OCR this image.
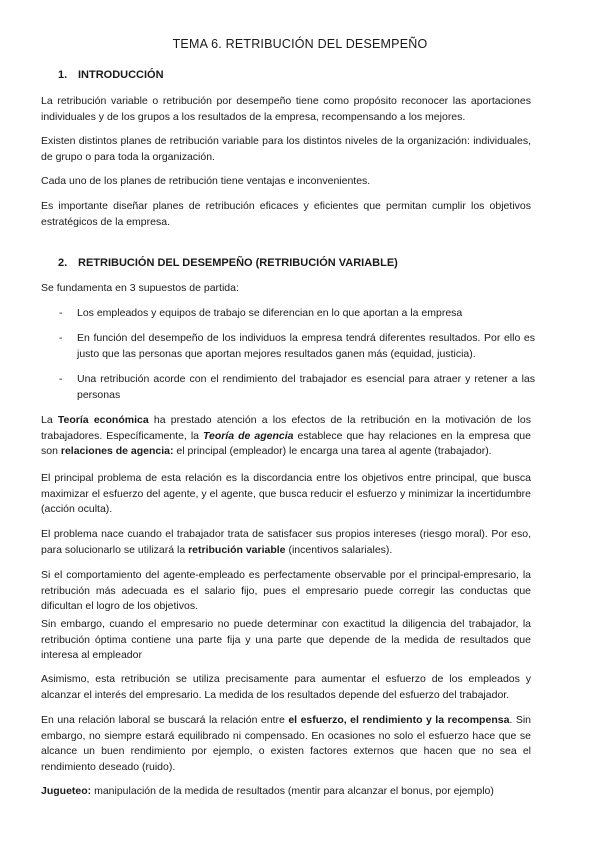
TEMA 6. RETRIBUCIÓN DEL DESEMPEÑO
1. INTRODUCCIÓN
La retribución variable o retribución por desempeño tiene como propósito reconocer las aportaciones individuales y de los grupos a los resultados de la empresa, recompensando a los mejores.
Existen distintos planes de retribución variable para los distintos niveles de la organización: individuales, de grupo o para toda la organización.
Cada uno de los planes de retribución tiene ventajas e inconvenientes.
Es importante diseñar planes de retribución eficaces y eficientes que permitan cumplir los objetivos estratégicos de la empresa.
2. RETRIBUCIÓN DEL DESEMPEÑO (RETRIBUCIÓN VARIABLE)
Se fundamenta en 3 supuestos de partida:
- Los empleados y equipos de trabajo se diferencian en lo que aportan a la empresa
- En función del desempeño de los individuos la empresa tendrá diferentes resultados. Por ello es justo que las personas que aportan mejores resultados ganen más (equidad, justicia).
- Una retribución acorde con el rendimiento del trabajador es esencial para atraer y retener a las personas
La Teoría económica ha prestado atención a los efectos de la retribución en la motivación de los trabajadores. Específicamente, la Teoría de agencia establece que hay relaciones en la empresa que son relaciones de agencia: el principal (empleador) le encarga una tarea al agente (trabajador).
El principal problema de esta relación es la discordancia entre los objetivos entre principal, que busca maximizar el esfuerzo del agente, y el agente, que busca reducir el esfuerzo y minimizar la incertidumbre (acción oculta).
El problema nace cuando el trabajador trata de satisfacer sus propios intereses (riesgo moral). Por eso, para solucionarlo se utilizará la retribución variable (incentivos salariales).
Si el comportamiento del agente-empleado es perfectamente observable por el principal-empresario, la retribución más adecuada es el salario fijo, pues el empresario puede corregir las conductas que dificultan el logro de los objetivos.
Sin embargo, cuando el empresario no puede determinar con exactitud la diligencia del trabajador, la retribución óptima contiene una parte fija y una parte que depende de la medida de resultados que interesa al empleador
Asimismo, esta retribución se utiliza precisamente para aumentar el esfuerzo de los empleados y alcanzar el interés del empresario. La medida de los resultados depende del esfuerzo del trabajador.
En una relación laboral se buscará la relación entre el esfuerzo, el rendimiento y la recompensa. Sin embargo, no siempre estará equilibrado ni compensado. En ocasiones no solo el esfuerzo hace que se alcance un buen rendimiento por ejemplo, o existen factores externos que hacen que no sea el rendimiento deseado (ruido).
Jugueteo: manipulación de la medida de resultados (mentir para alcanzar el bonus, por ejemplo)
